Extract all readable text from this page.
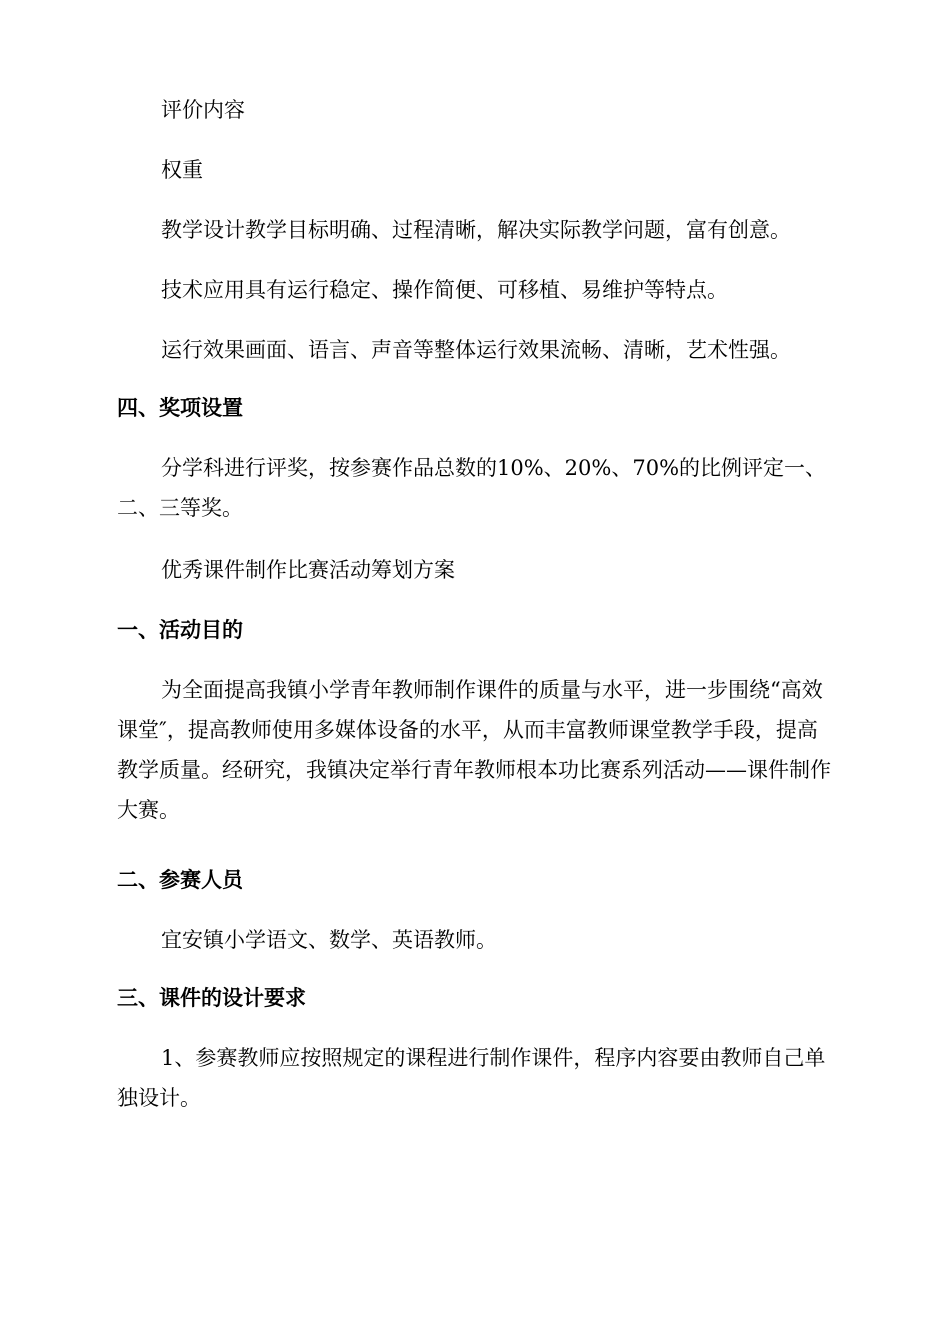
评价内容

权重

教学设计教学目标明确、过程清晰，解决实际教学问题，富有创意。

技术应用具有运行稳定、操作简便、可移植、易维护等特点。

运行效果画面、语言、声音等整体运行效果流畅、清晰，艺术性强。

四、奖项设置

分学科进行评奖，按参赛作品总数的10%、20%、70%的比例评定一、二、三等奖。

优秀课件制作比赛活动筹划方案

一、活动目的

为全面提高我镇小学青年教师制作课件的质量与水平，进一步围绕“高效课堂″，提高教师使用多媒体设备的水平，从而丰富教师课堂教学手段，提高教学质量。经研究，我镇决定举行青年教师根本功比赛系列活动——课件制作大赛。

二、参赛人员

宜安镇小学语文、数学、英语教师。

三、课件的设计要求

1、参赛教师应按照规定的课程进行制作课件，程序内容要由教师自己单独设计。
